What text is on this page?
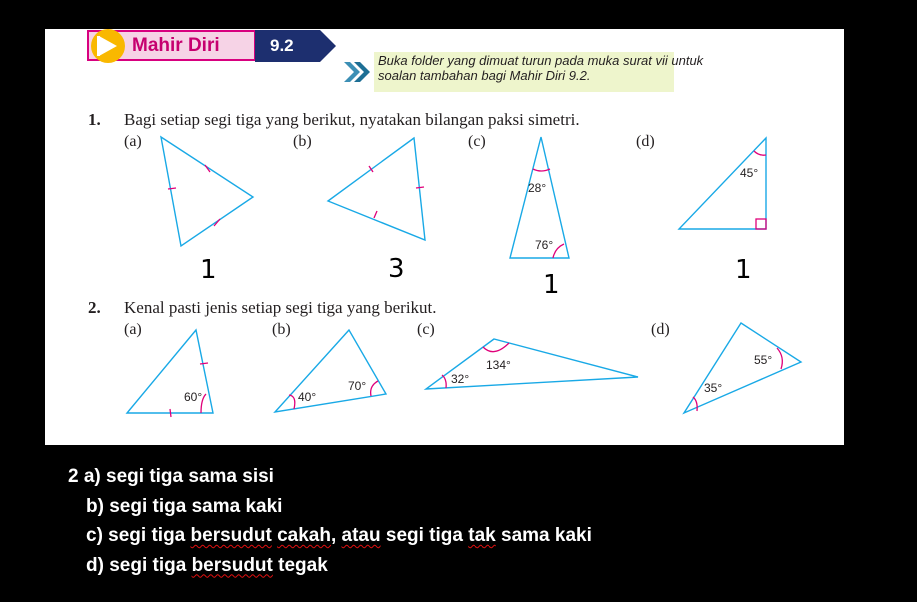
Mahir Diri	9.2
Buka folder yang dimuat turun pada muka surat vii untuk
soalan tambahan bagi Mahir Diri 9.2.
1. Bagi setiap segi tiga yang berikut, nyatakan bilangan paksi simetri.
(a)	(b)	(c)	(d)
28°
76°
45°
1	3
1	1
2. Kenal pasti jenis setiap segi tiga yang berikut.
(a)	(b)	(c)	(d)
60°	40°
70°	32°
134°	55°
35°
2 a) segi tiga sama sisi
b) segi tiga sama kaki
c) segi tiga bersudut cakah, atau segi tiga tak sama kaki
d) segi tiga bersudut tegak
